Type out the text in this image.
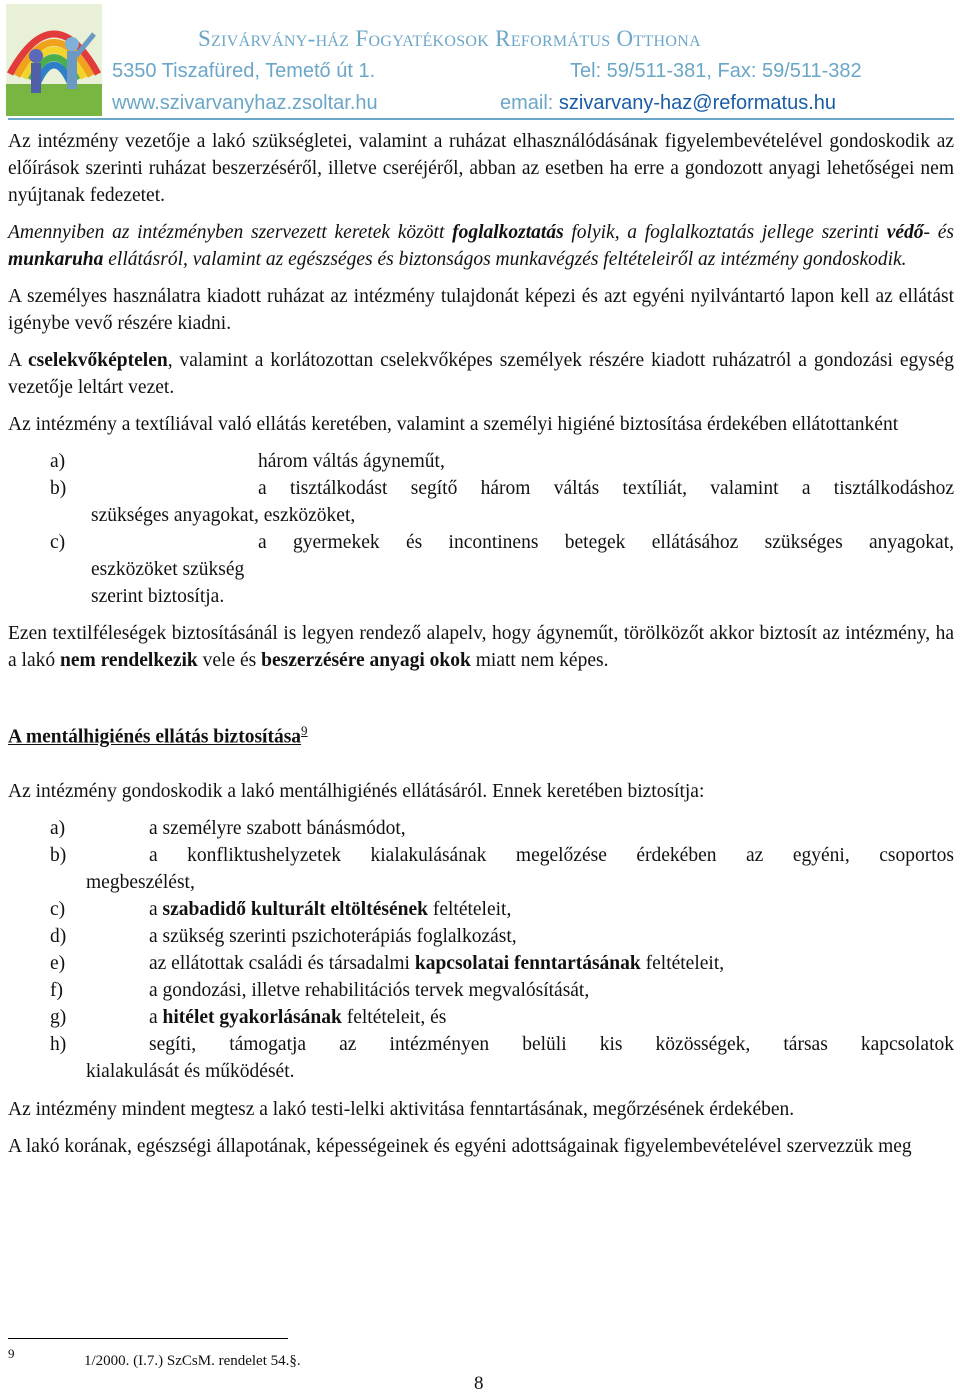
Szivárvány-ház Fogyatékosok Református Otthona
5350 Tiszafüred, Temető út 1.	Tel: 59/511-381, Fax: 59/511-382
www.szivarvanyhaz.zsoltar.hu	email: szivarvany-haz@reformatus.hu

Az intézmény vezetője a lakó szükségletei, valamint a ruházat elhasználódásának figyelembevételével gondoskodik az előírások szerinti ruházat beszerzéséről, illetve cseréjéről, abban az esetben ha erre a gondozott anyagi lehetőségei nem nyújtanak fedezetet.

Amennyiben az intézményben szervezett keretek között foglalkoztatás folyik, a foglalkoztatás jellege szerinti védő- és munkaruha ellátásról, valamint az egészséges és biztonságos munkavégzés feltételeiről az intézmény gondoskodik.

A személyes használatra kiadott ruházat az intézmény tulajdonát képezi és azt egyéni nyilvántartó lapon kell az ellátást igénybe vevő részére kiadni.

A cselekvőképtelen, valamint a korlátozottan cselekvőképes személyek részére kiadott ruházatról a gondozási egység vezetője leltárt vezet.

Az intézmény a textíliával való ellátás keretében, valamint a személyi higiéné biztosítása érdekében ellátottanként

a)	három váltás ágyneműt,
b)	a tisztálkodást segítő három váltás textíliát, valamint a tisztálkodáshoz
szükséges anyagokat, eszközöket,
c)	a gyermekek és incontinens betegek ellátásához szükséges anyagokat,
eszközöket szükség
szerint biztosítja.

Ezen textilféleségek biztosításánál is legyen rendező alapelv, hogy ágyneműt, törölközőt akkor biztosít az intézmény, ha a lakó nem rendelkezik vele és beszerzésére anyagi okok miatt nem képes.

A mentálhigiénés ellátás biztosítása$^9$

Az intézmény gondoskodik a lakó mentálhigiénés ellátásáról. Ennek keretében biztosítja:

a)	a személyre szabott bánásmódot,
b)	a konfliktushelyzetek kialakulásának megelőzése érdekében az egyéni, csoportos
megbeszélést,
c)	a szabadidő kulturált eltöltésének feltételeit,
d)	a szükség szerinti pszichoterápiás foglalkozást,
e)	az ellátottak családi és társadalmi kapcsolatai fenntartásának feltételeit,
f)	a gondozási, illetve rehabilitációs tervek megvalósítását,
g)	a hitélet gyakorlásának feltételeit, és
h)	segíti, támogatja az intézményen belüli kis közösségek, társas kapcsolatok
kialakulását és működését.

Az intézmény mindent megtesz a lakó testi-lelki aktivitása fenntartásának, megőrzésének érdekében.

A lakó korának, egészségi állapotának, képességeinek és egyéni adottságainak figyelembevételével szervezzük meg

9	1/2000. (I.7.) SzCsM. rendelet 54.§.
8
